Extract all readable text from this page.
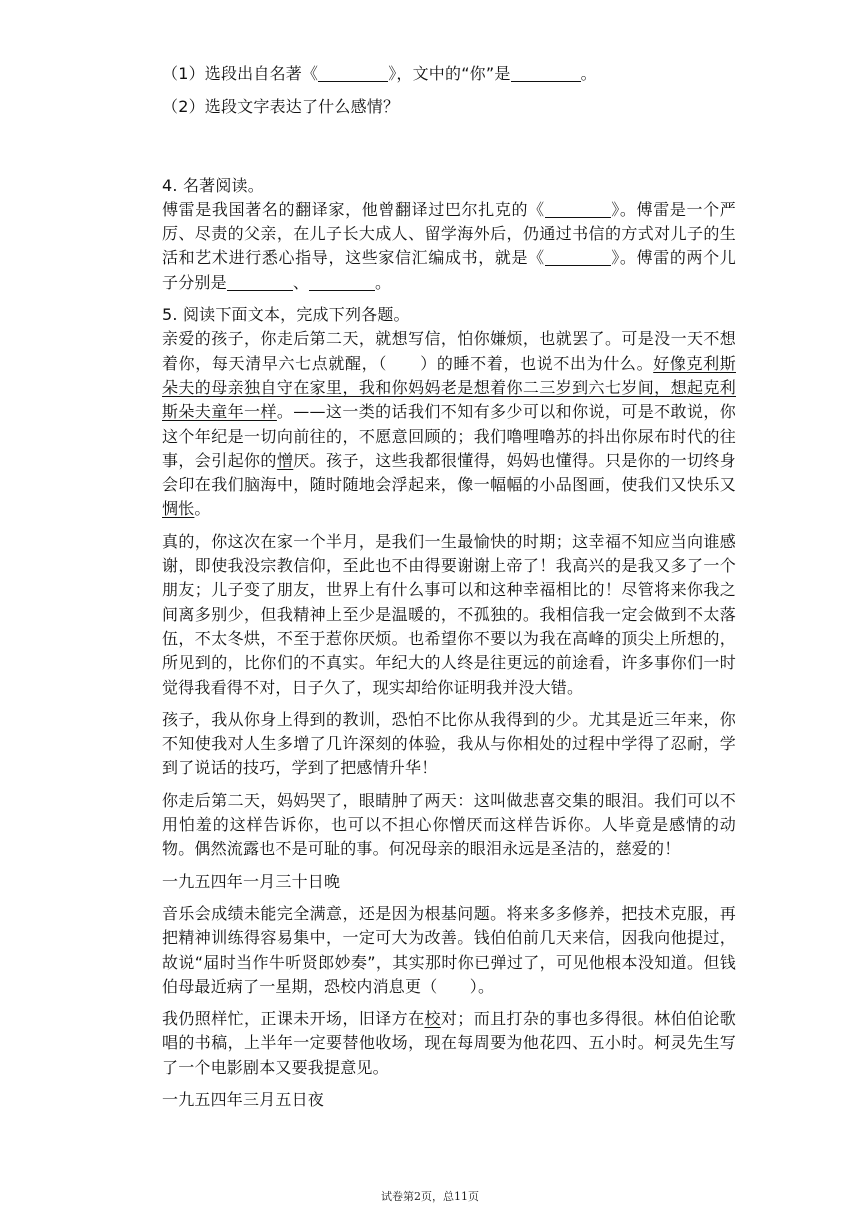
（1）选段出自名著《	》，文中的“你”是	。

（2）选段文字表达了什么感情？

4. 名著阅读。

傅雷是我国著名的翻译家，他曾翻译过巴尔扎克的《	》。傅雷是一个严厉、尽责的父亲，在儿子长大成人、留学海外后，仍通过书信的方式对儿子的生活和艺术进行悉心指导，这些家信汇编成书，就是《	》。傅雷的两个儿子分别是	、	。

5. 阅读下面文本，完成下列各题。

亲爱的孩子，你走后第二天，就想写信，怕你嫌烦，也就罢了。可是没一天不想着你，每天清早六七点就醒，（　　）的睡不着，也说不出为什么。好像克利斯朵夫的母亲独自守在家里，我和你妈妈老是想着你二三岁到六七岁间，想起克利斯朵夫童年一样。——这一类的话我们不知有多少可以和你说，可是不敢说，你这个年纪是一切向前往的，不愿意回顾的；我们噜哩噜苏的抖出你尿布时代的往事，会引起你的憎厌。孩子，这些我都很懂得，妈妈也懂得。只是你的一切终身会印在我们脑海中，随时随地会浮起来，像一幅幅的小品图画，使我们又快乐又惆怅。

真的，你这次在家一个半月，是我们一生最愉快的时期；这幸福不知应当向谁感谢，即使我没宗教信仰，至此也不由得要谢谢上帝了！我高兴的是我又多了一个朋友；儿子变了朋友，世界上有什么事可以和这种幸福相比的！尽管将来你我之间离多别少，但我精神上至少是温暖的，不孤独的。我相信我一定会做到不太落伍，不太冬烘，不至于惹你厌烦。也希望你不要以为我在高峰的顶尖上所想的，所见到的，比你们的不真实。年纪大的人终是往更远的前途看，许多事你们一时觉得我看得不对，日子久了，现实却给你证明我并没大错。

孩子，我从你身上得到的教训，恐怕不比你从我得到的少。尤其是近三年来，你不知使我对人生多增了几许深刻的体验，我从与你相处的过程中学得了忍耐，学到了说话的技巧，学到了把感情升华！

你走后第二天，妈妈哭了，眼睛肿了两天：这叫做悲喜交集的眼泪。我们可以不用怕羞的这样告诉你，也可以不担心你憎厌而这样告诉你。人毕竟是感情的动物。偶然流露也不是可耻的事。何况母亲的眼泪永远是圣洁的，慈爱的！

一九五四年一月三十日晚

音乐会成绩未能完全满意，还是因为根基问题。将来多多修养，把技术克服，再把精神训练得容易集中，一定可大为改善。钱伯伯前几天来信，因我向他提过，故说“届时当作牛听贤郎妙奏”，其实那时你已弹过了，可见他根本没知道。但钱伯母最近病了一星期，恐校内消息更（　　）。

我仍照样忙，正课未开场，旧译方在校对；而且打杂的事也多得很。林伯伯论歌唱的书稿，上半年一定要替他收场，现在每周要为他花四、五小时。柯灵先生写了一个电影剧本又要我提意见。

一九五四年三月五日夜

试卷第2页，总11页
